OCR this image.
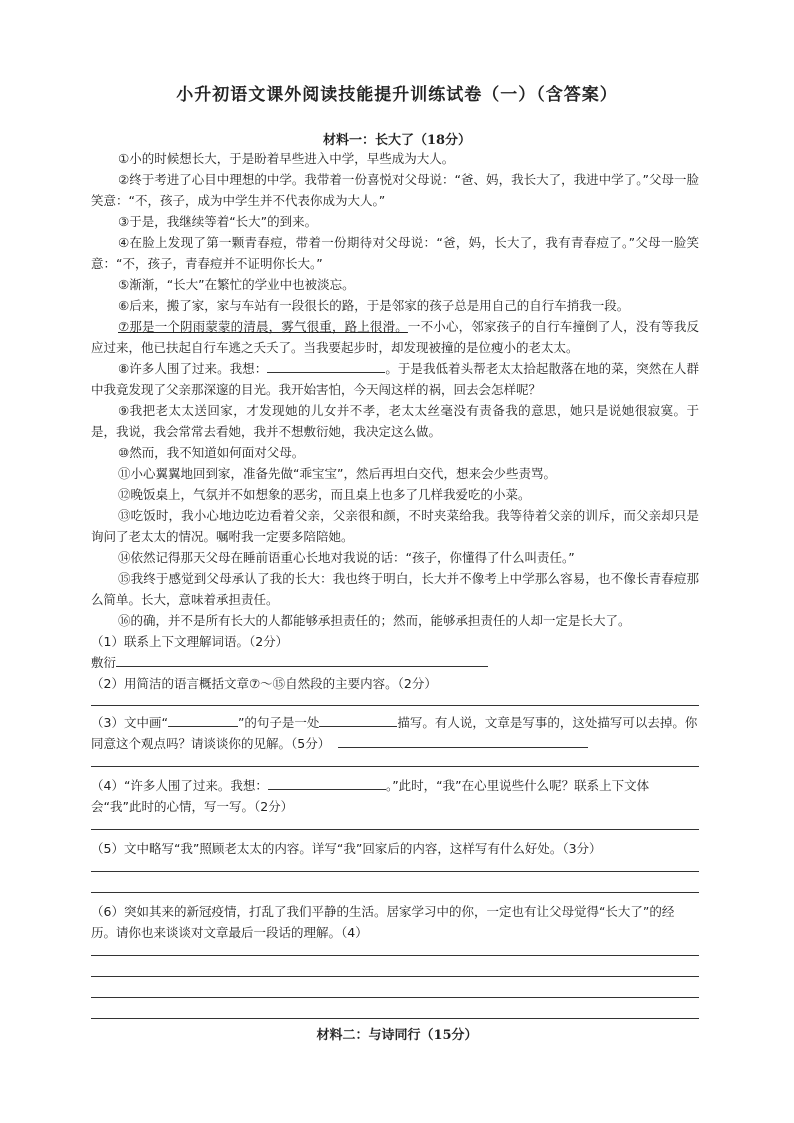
小升初语文课外阅读技能提升训练试卷（一）（含答案）
材料一：长大了（18分）
①小的时候想长大，于是盼着早些进入中学，早些成为大人。
②终于考进了心目中理想的中学。我带着一份喜悦对父母说：“爸、妈，我长大了，我进中学了。”父母一脸笑意：“不，孩子，成为中学生并不代表你成为大人。”
③于是，我继续等着“长大”的到来。
④在脸上发现了第一颗青春痘，带着一份期待对父母说：“爸，妈，长大了，我有青春痘了。”父母一脸笑意：“不，孩子，青春痘并不证明你长大。”
⑤渐渐，“长大”在繁忙的学业中也被淡忘。
⑥后来，搬了家，家与车站有一段很长的路，于是邻家的孩子总是用自己的自行车捎我一段。
⑦那是一个阴雨蒙蒙的清晨，雾气很重，路上很滑。一不小心，邻家孩子的自行车撞倒了人，没有等我反应过来，他已扶起自行车逃之夭夭了。当我要起步时，却发现被撞的是位瘦小的老太太。
⑧许多人围了过来。我想：	。于是我低着头帮老太太拾起散落在地的菜，突然在人群中我竟发现了父亲那深邃的目光。我开始害怕，今天闯这样的祸，回去会怎样呢？
⑨我把老太太送回家，才发现她的儿女并不孝，老太太丝毫没有责备我的意思，她只是说她很寂寞。于是，我说，我会常常去看她，我并不想敷衍她，我决定这么做。
⑩然而，我不知道如何面对父母。
⑪小心翼翼地回到家，准备先做“乖宝宝”，然后再坦白交代，想来会少些责骂。
⑫晚饭桌上，气氛并不如想象的恶劣，而且桌上也多了几样我爱吃的小菜。
⑬吃饭时，我小心地边吃边看着父亲，父亲很和颜，不时夹菜给我。我等待着父亲的训斥，而父亲却只是询问了老太太的情况。嘱咐我一定要多陪陪她。
⑭依然记得那天父母在睡前语重心长地对我说的话：“孩子，你懂得了什么叫责任。”
⑮我终于感觉到父母承认了我的长大：我也终于明白，长大并不像考上中学那么容易，也不像长青春痘那么简单。长大，意味着承担责任。
⑯的确，并不是所有长大的人都能够承担责任的；然而，能够承担责任的人却一定是长大了。
（1）联系上下文理解词语。（2分）
敷衍
（2）用简洁的语言概括文章⑦～⑮自然段的主要内容。（2分）
（3）文中画“	”的句子是一处	描写。有人说，文章是写事的，这处描写可以去掉。你同意这个观点吗？请谈谈你的见解。（5分）
（4）“许多人围了过来。我想：	。”此时，“我”在心里说些什么呢？联系上下文体会“我”此时的心情，写一写。（2分）
（5）文中略写“我”照顾老太太的内容。详写“我”回家后的内容，这样写有什么好处。（3分）
（6）突如其来的新冠疫情，打乱了我们平静的生活。居家学习中的你，一定也有让父母觉得“长大了”的经历。请你也来谈谈对文章最后一段话的理解。（4）
材料二：与诗同行（15分）
